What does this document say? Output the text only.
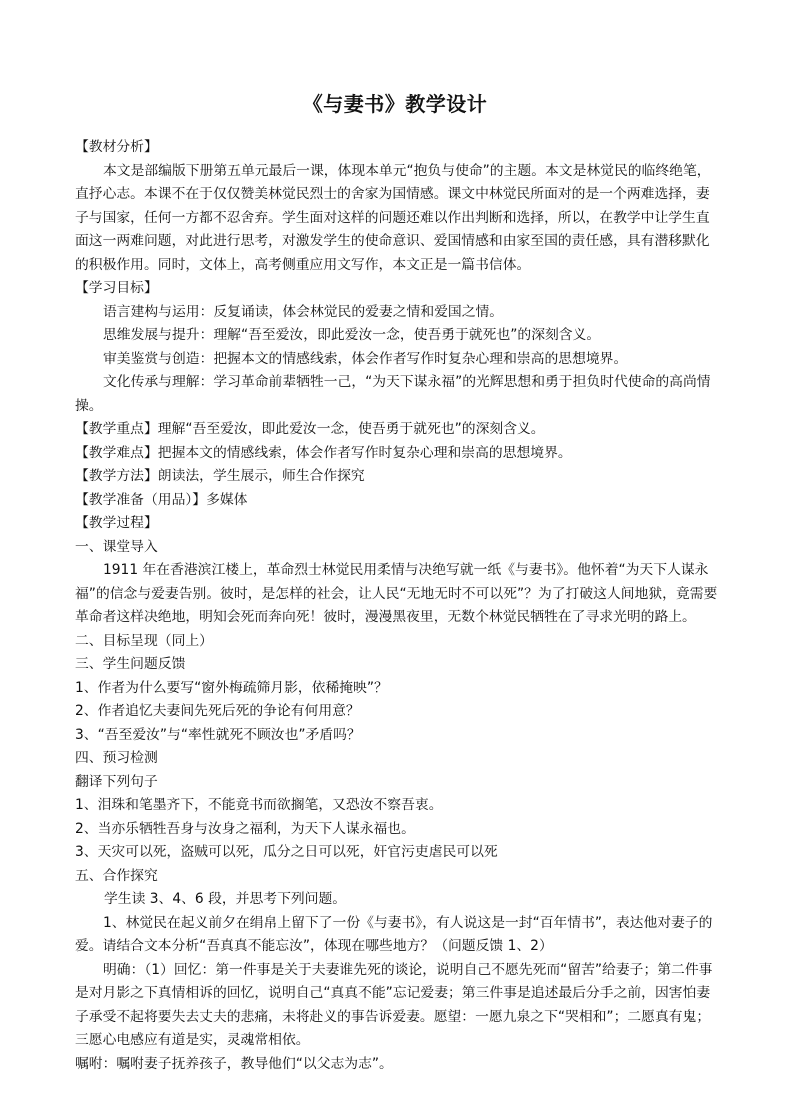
《与妻书》教学设计

【教材分析】

本文是部编版下册第五单元最后一课，体现本单元“抱负与使命”的主题。本文是林觉民的临终绝笔，直抒心志。本课不在于仅仅赞美林觉民烈士的舍家为国情感。课文中林觉民所面对的是一个两难选择，妻子与国家，任何一方都不忍舍弃。学生面对这样的问题还难以作出判断和选择，所以，在教学中让学生直面这一两难问题，对此进行思考，对激发学生的使命意识、爱国情感和由家至国的责任感，具有潜移默化的积极作用。同时，文体上，高考侧重应用文写作，本文正是一篇书信体。

【学习目标】

语言建构与运用：反复诵读，体会林觉民的爱妻之情和爱国之情。

思维发展与提升：理解“吾至爱汝，即此爱汝一念，使吾勇于就死也”的深刻含义。

审美鉴赏与创造：把握本文的情感线索，体会作者写作时复杂心理和崇高的思想境界。

文化传承与理解：学习革命前辈牺牲一己，“为天下谋永福”的光辉思想和勇于担负时代使命的高尚情操。

【教学重点】理解“吾至爱汝，即此爱汝一念，使吾勇于就死也”的深刻含义。

【教学难点】把握本文的情感线索，体会作者写作时复杂心理和崇高的思想境界。

【教学方法】朗读法，学生展示，师生合作探究

【教学准备（用品）】多媒体

【教学过程】

一、课堂导入

1911 年在香港滨江楼上，革命烈士林觉民用柔情与决绝写就一纸《与妻书》。他怀着“为天下人谋永福”的信念与爱妻告别。彼时，是怎样的社会，让人民“无地无时不可以死”？为了打破这人间地狱，竟需要革命者这样决绝地，明知会死而奔向死！彼时，漫漫黑夜里，无数个林觉民牺牲在了寻求光明的路上。

二、目标呈现（同上）

三、学生问题反馈

1、作者为什么要写“窗外梅疏筛月影，依稀掩映”？

2、作者追忆夫妻间先死后死的争论有何用意？

3、“吾至爱汝”与“率性就死不顾汝也”矛盾吗？

四、预习检测

翻译下列句子

1、泪珠和笔墨齐下，不能竟书而欲搁笔，又恐汝不察吾衷。

2、当亦乐牺牲吾身与汝身之福利，为天下人谋永福也。

3、天灾可以死，盗贼可以死，瓜分之日可以死，奸官污吏虐民可以死

五、合作探究

学生读 3、4、6 段，并思考下列问题。

1、林觉民在起义前夕在绢帛上留下了一份《与妻书》，有人说这是一封“百年情书”，表达他对妻子的爱。请结合文本分析“吾真真不能忘汝”，体现在哪些地方？（问题反馈 1、2）

明确：（1）回忆：第一件事是关于夫妻谁先死的谈论，说明自己不愿先死而“留苦”给妻子；第二件事是对月影之下真情相诉的回忆，说明自己“真真不能”忘记爱妻；第三件事是追述最后分手之前，因害怕妻子承受不起将要失去丈夫的悲痛，未将赴义的事告诉爱妻。愿望：一愿九泉之下“哭相和”；二愿真有鬼；三愿心电感应有道是实，灵魂常相依。

嘱咐：嘱咐妻子抚养孩子，教导他们“以父志为志”。
